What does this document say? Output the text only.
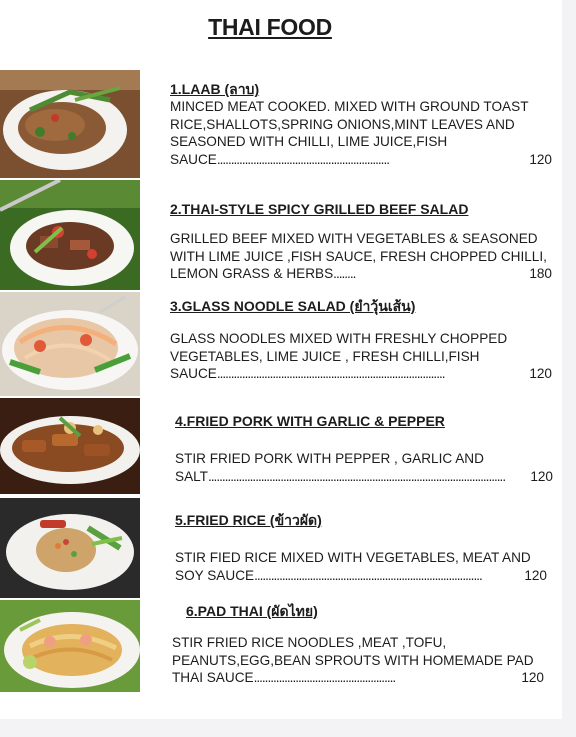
THAI FOOD
1.LAAB (ลาบ)

MINCED MEAT COOKED. MIXED WITH GROUND TOAST RICE,SHALLOTS,SPRING ONIONS,MINT LEAVES AND SEASONED WITH CHILLI, LIME JUICE,FISH SAUCE..............................................................	120

2.THAI-STYLE SPICY GRILLED BEEF SALAD

GRILLED BEEF MIXED WITH VEGETABLES & SEASONED WITH LIME JUICE ,FISH SAUCE, FRESH CHOPPED CHILLI, LEMON GRASS & HERBS........	180

3.GLASS NOODLE SALAD (ยำวุ้นเส้น)

GLASS NOODLES MIXED WITH FRESHLY CHOPPED VEGETABLES, LIME JUICE , FRESH CHILLI,FISH SAUCE..................................................................................	120

4.FRIED PORK WITH GARLIC & PEPPER

STIR FRIED PORK WITH PEPPER , GARLIC AND SALT........................................................................................................... 120

5.FRIED RICE (ข้าวผัด)

STIR FIED RICE MIXED WITH VEGETABLES, MEAT AND SOY SAUCE..................................................................................	120

6.PAD THAI (ผัดไทย)

STIR FRIED RICE NOODLES ,MEAT ,TOFU, PEANUTS,EGG,BEAN SPROUTS WITH HOMEMADE PAD THAI SAUCE...................................................	120
